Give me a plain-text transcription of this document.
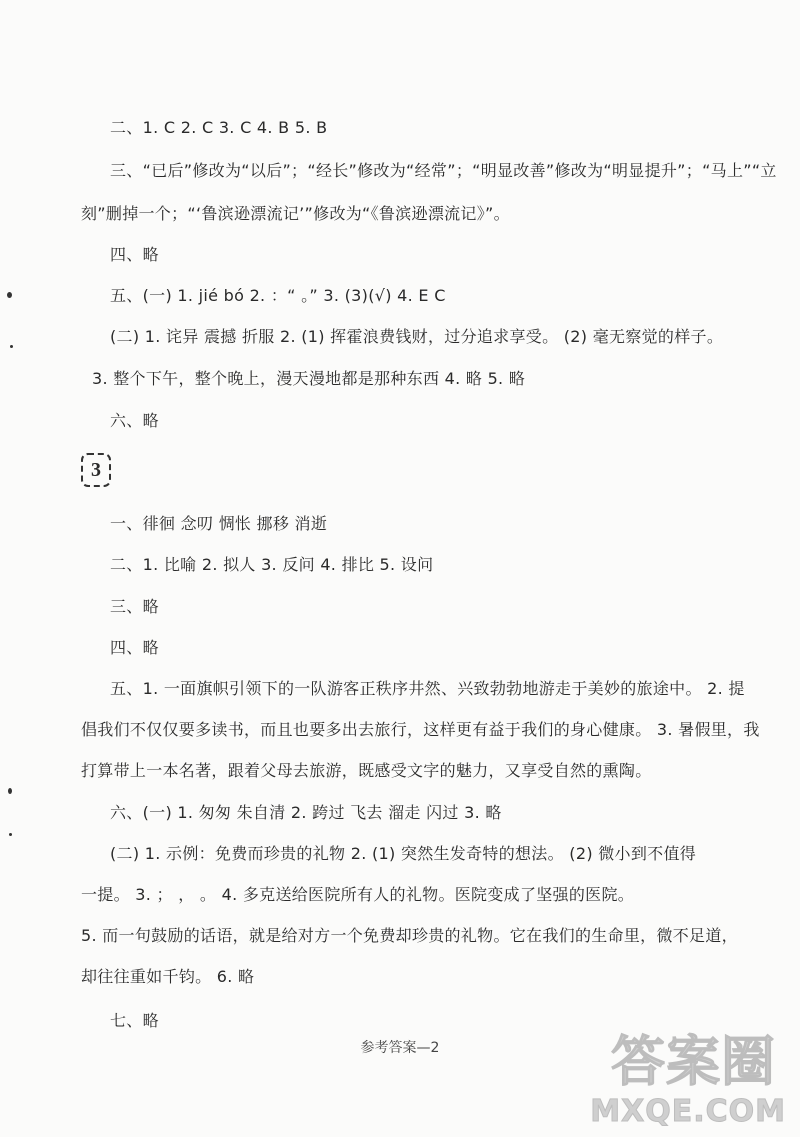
二、1. C 2. C 3. C 4. B 5. B
三、“已后”修改为“以后”；“经长”修改为“经常”；“明显改善”修改为“明显提升”；“马上”“立
刻”删掉一个；“‘鲁滨逊漂流记’”修改为“《鲁滨逊漂流记》”。
四、略
五、(一) 1. jié bó 2. ：“ 。” 3. (3)(√) 4. E C
(二) 1. 诧异 震撼 折服 2. (1) 挥霍浪费钱财，过分追求享受。 (2) 毫无察觉的样子。
3. 整个下午，整个晚上，漫天漫地都是那种东西 4. 略 5. 略
六、略
3
一、徘徊 念叨 惆怅 挪移 消逝
二、1. 比喻 2. 拟人 3. 反问 4. 排比 5. 设问
三、略
四、略
五、1. 一面旗帜引领下的一队游客正秩序井然、兴致勃勃地游走于美妙的旅途中。 2. 提
倡我们不仅仅要多读书，而且也要多出去旅行，这样更有益于我们的身心健康。 3. 暑假里，我
打算带上一本名著，跟着父母去旅游，既感受文字的魅力，又享受自然的熏陶。
六、(一) 1. 匆匆 朱自清 2. 跨过 飞去 溜走 闪过 3. 略
(二) 1. 示例：免费而珍贵的礼物 2. (1) 突然生发奇特的想法。 (2) 微小到不值得
一提。 3. ； ， 。 4. 多克送给医院所有人的礼物。医院变成了坚强的医院。
5. 而一句鼓励的话语，就是给对方一个免费却珍贵的礼物。它在我们的生命里，微不足道，
却往往重如千钧。 6. 略
七、略
参考答案—2	答案圈
MXQE.COM
